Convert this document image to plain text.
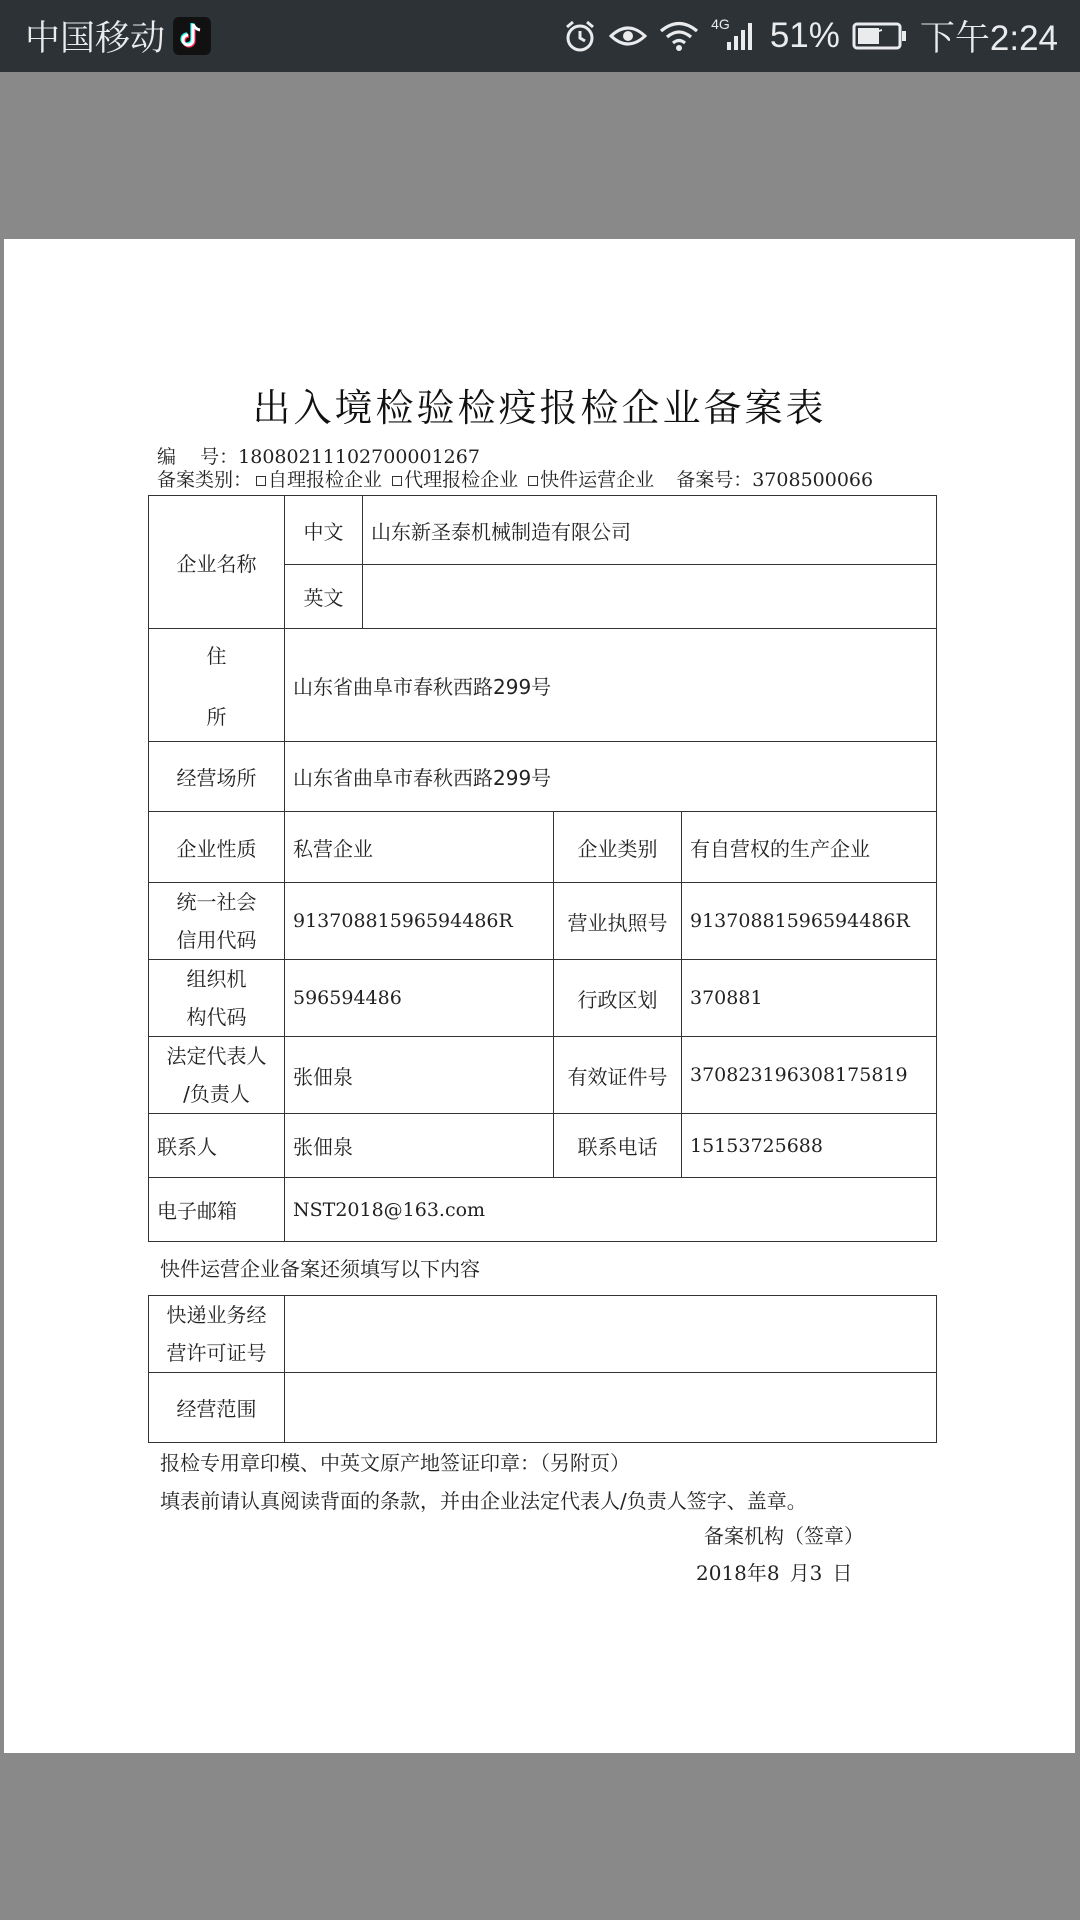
中国移动	4G 51% 下午2:24
出入境检验检疫报检企业备案表
编    号：18080211102700001267
备案类别： 自理报检企业 代理报检企业 快件运营企业 备案号：3708500066
企业名称	中文	山东新圣泰机械制造有限公司		
	英文			

住
所	山东省曲阜市春秋西路299号			
经营场所	山东省曲阜市春秋西路299号			
企业性质	私营企业		企业类别	有自营权的生产企业

统一社会
信用代码	91370881596594486R		营业执照号	91370881596594486R

组织机
构代码	596594486		行政区划	370881

法定代表人
/负责人	张佃泉		有效证件号	370823196308175819
联系人	张佃泉		联系电话	15153725688
电子邮箱	NST2018@163.com			
快件运营企业备案还须填写以下内容
快递业务经
营许可证号	

经营范围	
报检专用章印模、中英文原产地签证印章：（另附页）
填表前请认真阅读背面的条款，并由企业法定代表人/负责人签字、盖章。
备案机构（签章）
2018年8 月3 日
